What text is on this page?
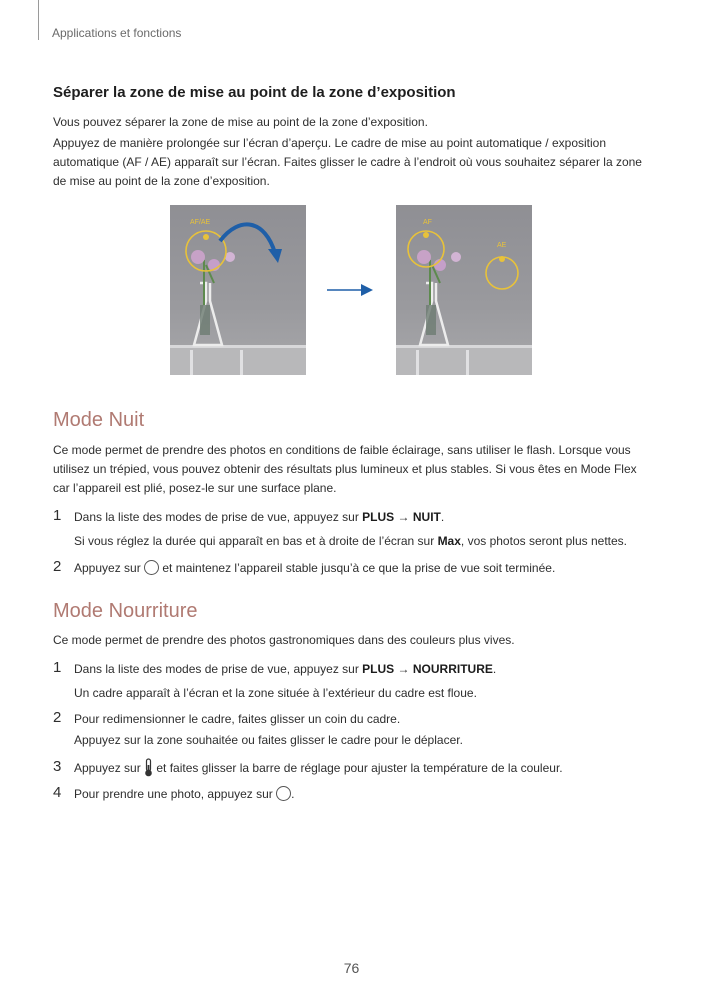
Applications et fonctions
Séparer la zone de mise au point de la zone d’exposition

Vous pouvez séparer la zone de mise au point de la zone d’exposition.

Appuyez de manière prolongée sur l’écran d’aperçu. Le cadre de mise au point automatique / exposition automatique (AF / AE) apparaît sur l’écran. Faites glisser le cadre à l’endroit où vous souhaitez séparer la zone de mise au point de la zone d’exposition.

AF/AE	AF
AE
Mode Nuit

Ce mode permet de prendre des photos en conditions de faible éclairage, sans utiliser le flash. Lorsque vous utilisez un trépied, vous pouvez obtenir des résultats plus lumineux et plus stables. Si vous êtes en Mode Flex car l’appareil est plié, posez-le sur une surface plane.

1 Dans la liste des modes de prise de vue, appuyez sur PLUS → NUIT.
Si vous réglez la durée qui apparaît en bas et à droite de l’écran sur Max, vos photos seront plus nettes.
2 Appuyez sur  et maintenez l’appareil stable jusqu’à ce que la prise de vue soit terminée.
Mode Nourriture

Ce mode permet de prendre des photos gastronomiques dans des couleurs plus vives.

1 Dans la liste des modes de prise de vue, appuyez sur PLUS → NOURRITURE.
Un cadre apparaît à l’écran et la zone située à l’extérieur du cadre est floue.
2 Pour redimensionner le cadre, faites glisser un coin du cadre.
Appuyez sur la zone souhaitée ou faites glisser le cadre pour le déplacer.
3 Appuyez sur  et faites glisser la barre de réglage pour ajuster la température de la couleur.
4 Pour prendre une photo, appuyez sur .
76
